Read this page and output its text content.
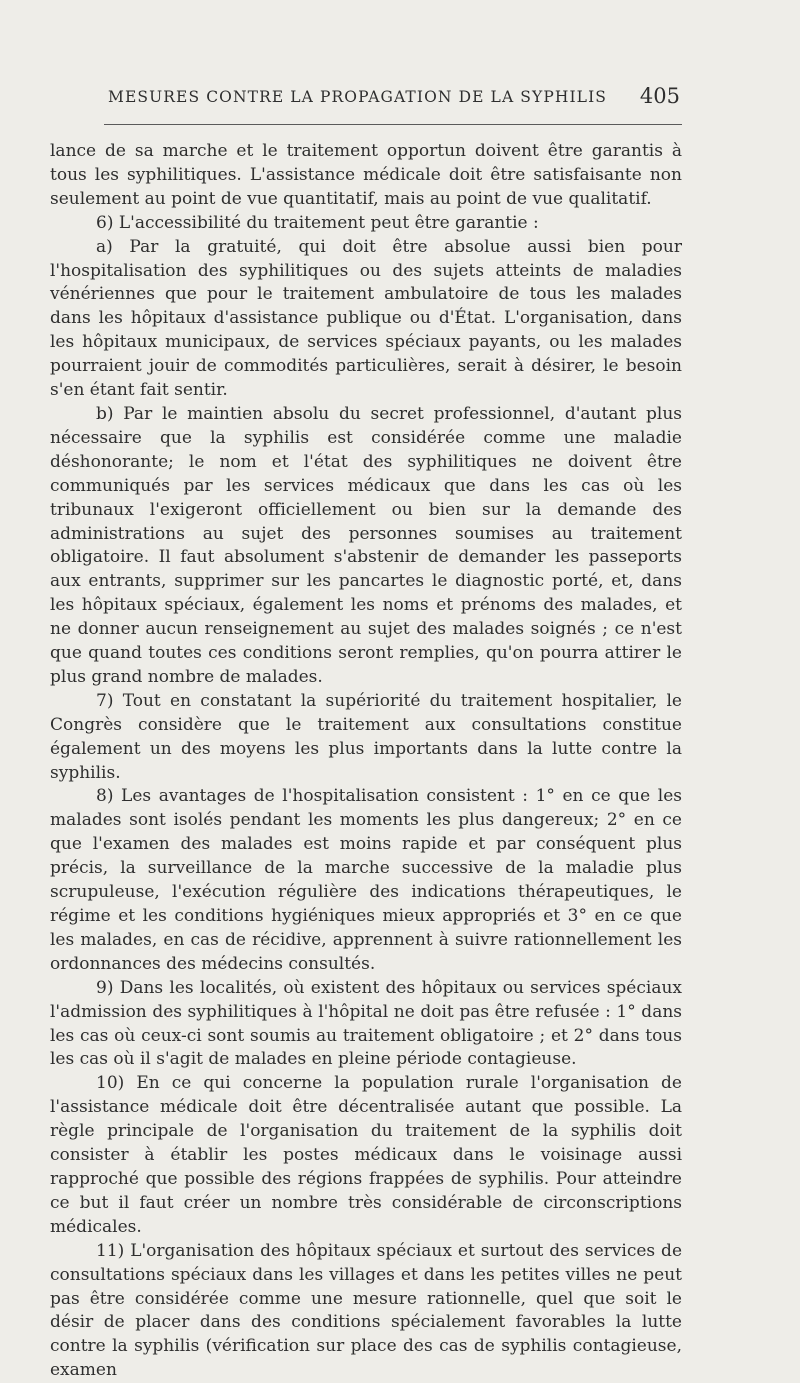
MESURES CONTRE LA PROPAGATION DE LA SYPHILIS 405

lance de sa marche et le traitement opportun doivent être garantis à tous les syphilitiques. L'assistance médicale doit être satisfaisante non seulement au point de vue quantitatif, mais au point de vue qualitatif.

6) L'accessibilité du traitement peut être garantie :

a) Par la gratuité, qui doit être absolue aussi bien pour l'hospitalisation des syphilitiques ou des sujets atteints de maladies vénériennes que pour le traitement ambulatoire de tous les malades dans les hôpitaux d'assistance publique ou d'État. L'organisation, dans les hôpitaux municipaux, de services spéciaux payants, ou les malades pourraient jouir de commodités particulières, serait à désirer, le besoin s'en étant fait sentir.

b) Par le maintien absolu du secret professionnel, d'autant plus nécessaire que la syphilis est considérée comme une maladie déshonorante; le nom et l'état des syphilitiques ne doivent être communiqués par les services médicaux que dans les cas où les tribunaux l'exigeront officiellement ou bien sur la demande des administrations au sujet des personnes soumises au traitement obligatoire. Il faut absolument s'abstenir de demander les passeports aux entrants, supprimer sur les pancartes le diagnostic porté, et, dans les hôpitaux spéciaux, également les noms et prénoms des malades, et ne donner aucun renseignement au sujet des malades soignés ; ce n'est que quand toutes ces conditions seront remplies, qu'on pourra attirer le plus grand nombre de malades.

7) Tout en constatant la supériorité du traitement hospitalier, le Congrès considère que le traitement aux consultations constitue également un des moyens les plus importants dans la lutte contre la syphilis.

8) Les avantages de l'hospitalisation consistent : 1° en ce que les malades sont isolés pendant les moments les plus dangereux; 2° en ce que l'examen des malades est moins rapide et par conséquent plus précis, la surveillance de la marche successive de la maladie plus scrupuleuse, l'exécution régulière des indications thérapeutiques, le régime et les conditions hygiéniques mieux appropriés et 3° en ce que les malades, en cas de récidive, apprennent à suivre rationnellement les ordonnances des médecins consultés.

9) Dans les localités, où existent des hôpitaux ou services spéciaux l'admission des syphilitiques à l'hôpital ne doit pas être refusée : 1° dans les cas où ceux-ci sont soumis au traitement obligatoire ; et 2° dans tous les cas où il s'agit de malades en pleine période contagieuse.

10) En ce qui concerne la population rurale l'organisation de l'assistance médicale doit être décentralisée autant que possible. La règle principale de l'organisation du traitement de la syphilis doit consister à établir les postes médicaux dans le voisinage aussi rapproché que possible des régions frappées de syphilis. Pour atteindre ce but il faut créer un nombre très considérable de circonscriptions médicales.

11) L'organisation des hôpitaux spéciaux et surtout des services de consultations spéciaux dans les villages et dans les petites villes ne peut pas être considérée comme une mesure rationnelle, quel que soit le désir de placer dans des conditions spécialement favorables la lutte contre la syphilis (vérification sur place des cas de syphilis contagieuse, examen
